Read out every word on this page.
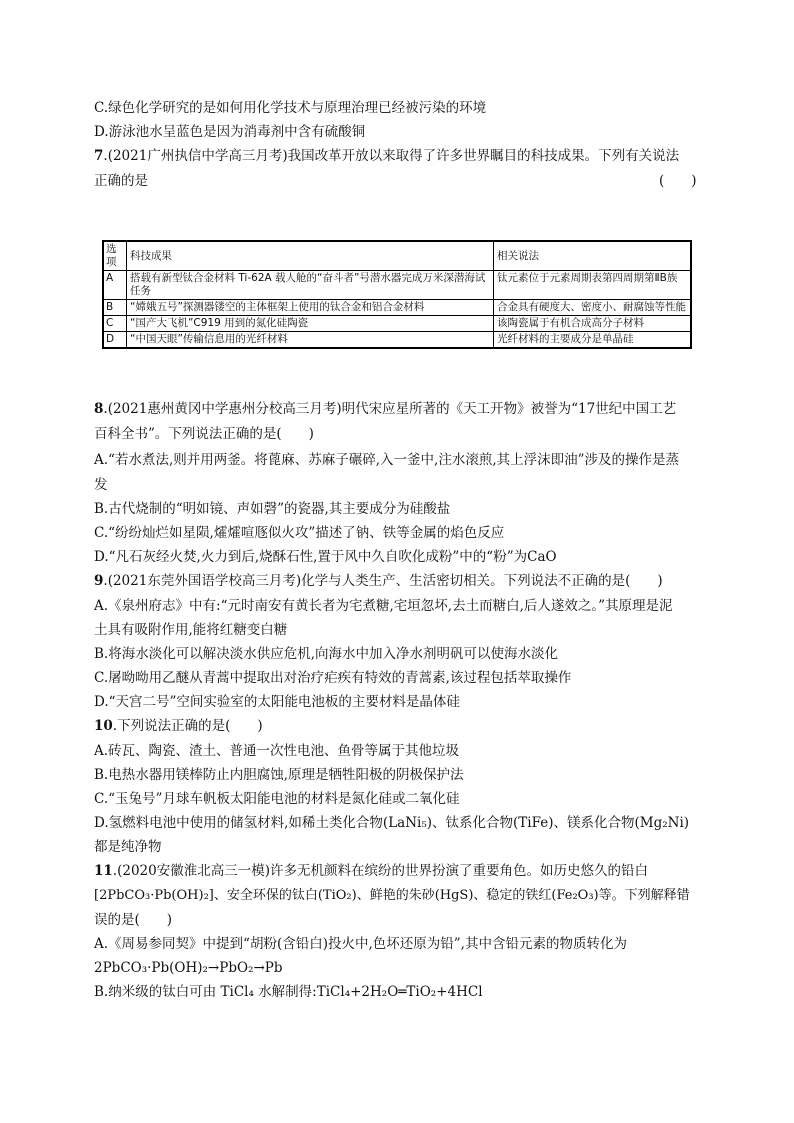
C.绿色化学研究的是如何用化学技术与原理治理已经被污染的环境
D.游泳池水呈蓝色是因为消毒剂中含有硫酸铜
7.(2021广州执信中学高三月考)我国改革开放以来取得了许多世界瞩目的科技成果。下列有关说法
正确的是	(　　)
选项	科技成果	相关说法
A	搭载有新型钛合金材料 Ti-62A 载人舱的“奋斗者”号潜水器完成万米深潜海试任务	钛元素位于元素周期表第四周期第ⅡB族
B	“嫦娥五号”探测器镂空的主体框架上使用的钛合金和铝合金材料	合金具有硬度大、密度小、耐腐蚀等性能
C	“国产大飞机”C919 用到的氮化硅陶瓷	该陶瓷属于有机合成高分子材料
D	“中国天眼”传输信息用的光纤材料	光纤材料的主要成分是单晶硅
8.(2021惠州黄冈中学惠州分校高三月考)明代宋应星所著的《天工开物》被誉为“17世纪中国工艺
百科全书”。下列说法正确的是(　　)
A.“若水煮法,则并用两釜。将蓖麻、苏麻子碾碎,入一釜中,注水滚煎,其上浮沫即油”涉及的操作是蒸
发
B.古代烧制的“明如镜、声如磬”的瓷器,其主要成分为硅酸盐
C.“纷纷灿烂如星陨,㸌㸌喧豗似火攻”描述了钠、铁等金属的焰色反应
D.“凡石灰经火焚,火力到后,烧酥石性,置于风中久自吹化成粉”中的“粉”为CaO
9.(2021东莞外国语学校高三月考)化学与人类生产、生活密切相关。下列说法不正确的是(　　)
A.《泉州府志》中有:“元时南安有黄长者为宅煮糖,宅垣忽坏,去土而糖白,后人遂效之。”其原理是泥
土具有吸附作用,能将红糖变白糖
B.将海水淡化可以解决淡水供应危机,向海水中加入净水剂明矾可以使海水淡化
C.屠呦呦用乙醚从青蒿中提取出对治疗疟疾有特效的青蒿素,该过程包括萃取操作
D.“天宫二号”空间实验室的太阳能电池板的主要材料是晶体硅
10.下列说法正确的是(　　)
A.砖瓦、陶瓷、渣土、普通一次性电池、鱼骨等属于其他垃圾
B.电热水器用镁棒防止内胆腐蚀,原理是牺牲阳极的阴极保护法
C.“玉兔号”月球车帆板太阳能电池的材料是氮化硅或二氧化硅
D.氢燃料电池中使用的储氢材料,如稀土类化合物(LaNi₅)、钛系化合物(TiFe)、镁系化合物(Mg₂Ni)
都是纯净物
11.(2020安徽淮北高三一模)许多无机颜料在缤纷的世界扮演了重要角色。如历史悠久的铅白
[2PbCO₃·Pb(OH)₂]、安全环保的钛白(TiO₂)、鲜艳的朱砂(HgS)、稳定的铁红(Fe₂O₃)等。下列解释错
误的是(　　)
A.《周易参同契》中提到“胡粉(含铅白)投火中,色坏还原为铅”,其中含铅元素的物质转化为
2PbCO₃·Pb(OH)₂→PbO₂→Pb
B.纳米级的钛白可由 TiCl₄ 水解制得:TiCl₄+2H₂O═TiO₂+4HCl
